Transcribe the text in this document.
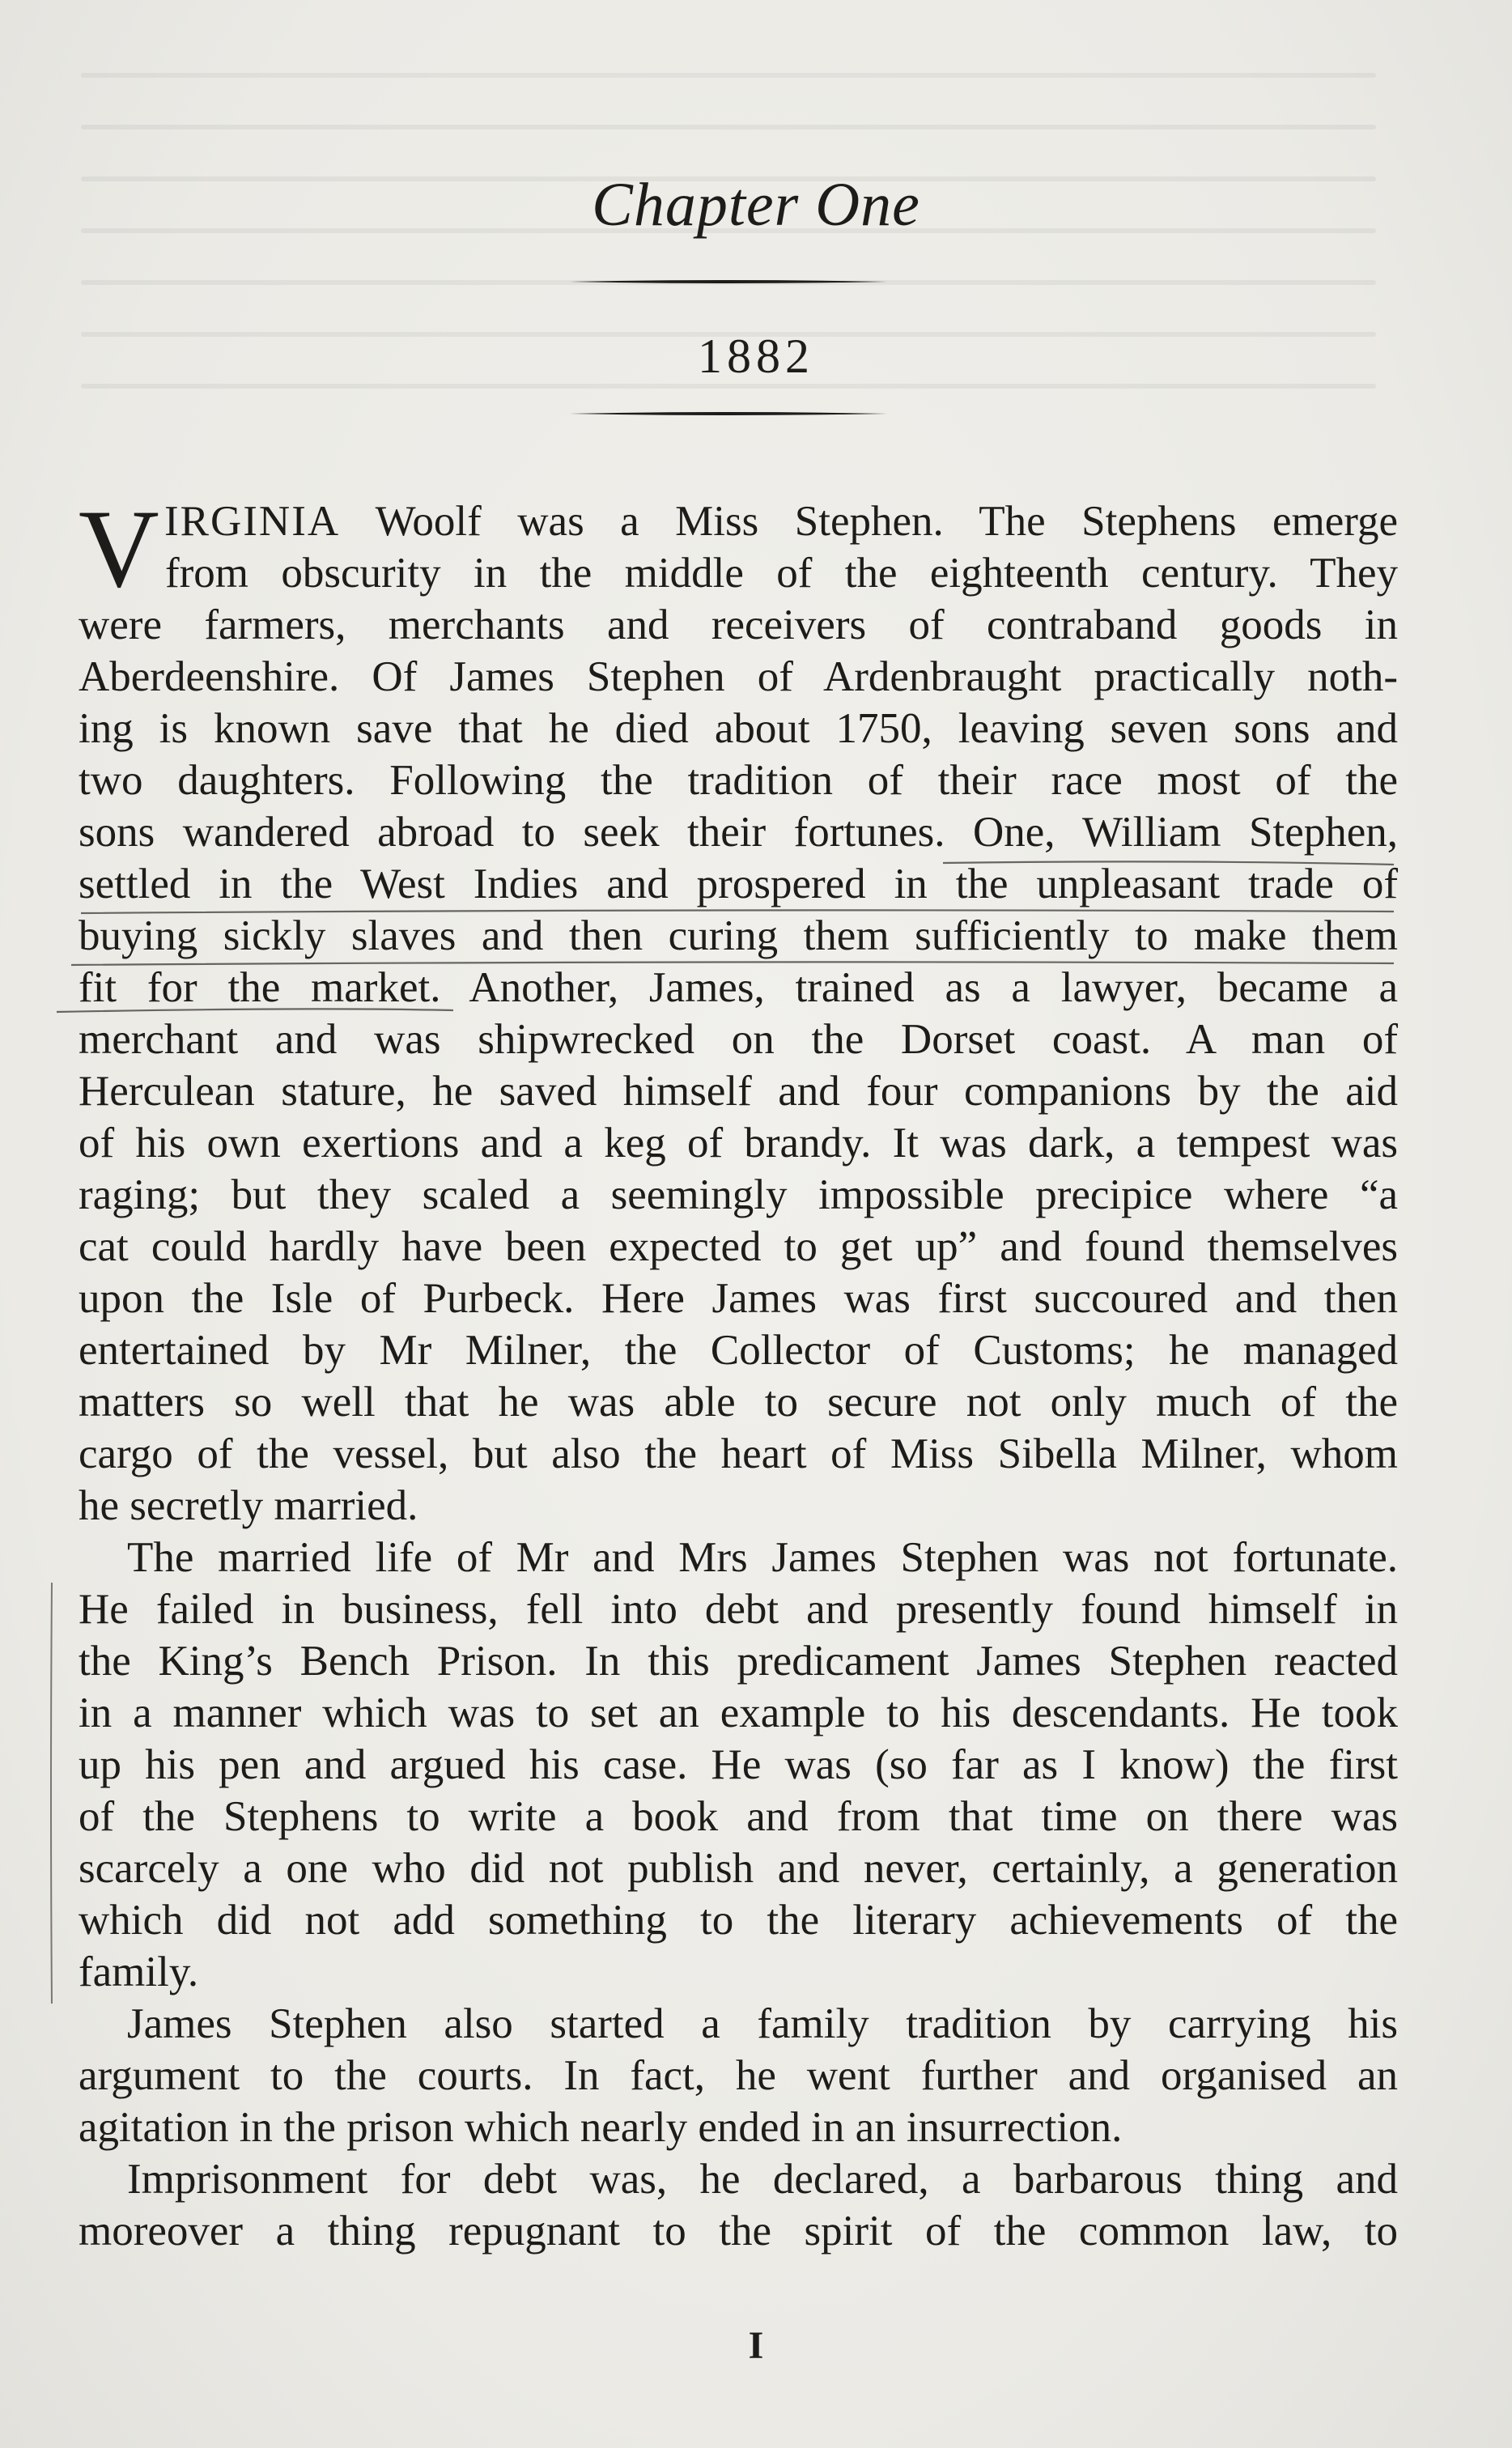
Chapter One
1882
VIRGINIA Woolf was a Miss Stephen. The Stephens emerge
from obscurity in the middle of the eighteenth century. They
were farmers, merchants and receivers of contraband goods in
Aberdeenshire. Of James Stephen of Ardenbraught practically noth-
ing is known save that he died about 1750, leaving seven sons and
two daughters. Following the tradition of their race most of the
sons wandered abroad to seek their fortunes. One, William Stephen,
settled in the West Indies and prospered in the unpleasant trade of
buying sickly slaves and then curing them sufficiently to make them
fit for the market. Another, James, trained as a lawyer, became a
merchant and was shipwrecked on the Dorset coast. A man of
Herculean stature, he saved himself and four companions by the aid
of his own exertions and a keg of brandy. It was dark, a tempest was
raging; but they scaled a seemingly impossible precipice where “a
cat could hardly have been expected to get up” and found themselves
upon the Isle of Purbeck. Here James was first succoured and then
entertained by Mr Milner, the Collector of Customs; he managed
matters so well that he was able to secure not only much of the
cargo of the vessel, but also the heart of Miss Sibella Milner, whom
he secretly married.
The married life of Mr and Mrs James Stephen was not fortunate.
He failed in business, fell into debt and presently found himself in
the King’s Bench Prison. In this predicament James Stephen reacted
in a manner which was to set an example to his descendants. He took
up his pen and argued his case. He was (so far as I know) the first
of the Stephens to write a book and from that time on there was
scarcely a one who did not publish and never, certainly, a generation
which did not add something to the literary achievements of the
family.
James Stephen also started a family tradition by carrying his
argument to the courts. In fact, he went further and organised an
agitation in the prison which nearly ended in an insurrection.
Imprisonment for debt was, he declared, a barbarous thing and
moreover a thing repugnant to the spirit of the common law, to
I
